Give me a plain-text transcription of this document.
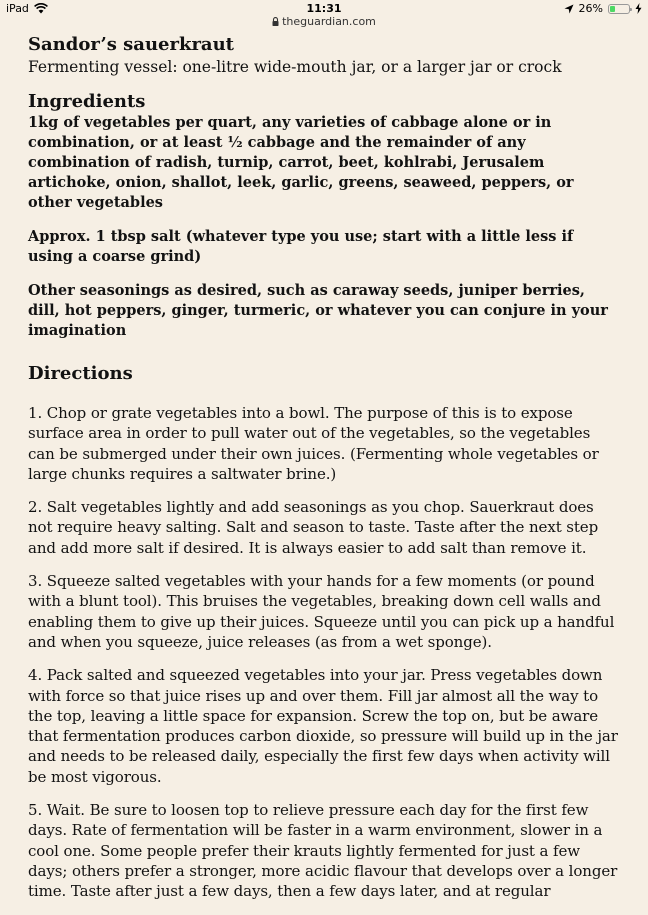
iPad	11:31	26%
theguardian.com
Sandor’s sauerkraut

Fermenting vessel: one-litre wide-mouth jar, or a larger jar or crock

Ingredients

1kg of vegetables per quart, any varieties of cabbage alone or in combination, or at least ½ cabbage and the remainder of any combination of radish, turnip, carrot, beet, kohlrabi, Jerusalem artichoke, onion, shallot, leek, garlic, greens, seaweed, peppers, or other vegetables

Approx. 1 tbsp salt (whatever type you use; start with a little less if using a coarse grind)

Other seasonings as desired, such as caraway seeds, juniper berries, dill, hot peppers, ginger, turmeric, or whatever you can conjure in your imagination

Directions

1. Chop or grate vegetables into a bowl. The purpose of this is to expose surface area in order to pull water out of the vegetables, so the vegetables can be submerged under their own juices. (Fermenting whole vegetables or large chunks requires a saltwater brine.)

2. Salt vegetables lightly and add seasonings as you chop. Sauerkraut does not require heavy salting. Salt and season to taste. Taste after the next step and add more salt if desired. It is always easier to add salt than remove it.

3. Squeeze salted vegetables with your hands for a few moments (or pound with a blunt tool). This bruises the vegetables, breaking down cell walls and enabling them to give up their juices. Squeeze until you can pick up a handful and when you squeeze, juice releases (as from a wet sponge).

4. Pack salted and squeezed vegetables into your jar. Press vegetables down with force so that juice rises up and over them. Fill jar almost all the way to the top, leaving a little space for expansion. Screw the top on, but be aware that fermentation produces carbon dioxide, so pressure will build up in the jar and needs to be released daily, especially the first few days when activity will be most vigorous.

5. Wait. Be sure to loosen top to relieve pressure each day for the first few days. Rate of fermentation will be faster in a warm environment, slower in a cool one. Some people prefer their krauts lightly fermented for just a few days; others prefer a stronger, more acidic flavour that develops over a longer time. Taste after just a few days, then a few days later, and at regular
